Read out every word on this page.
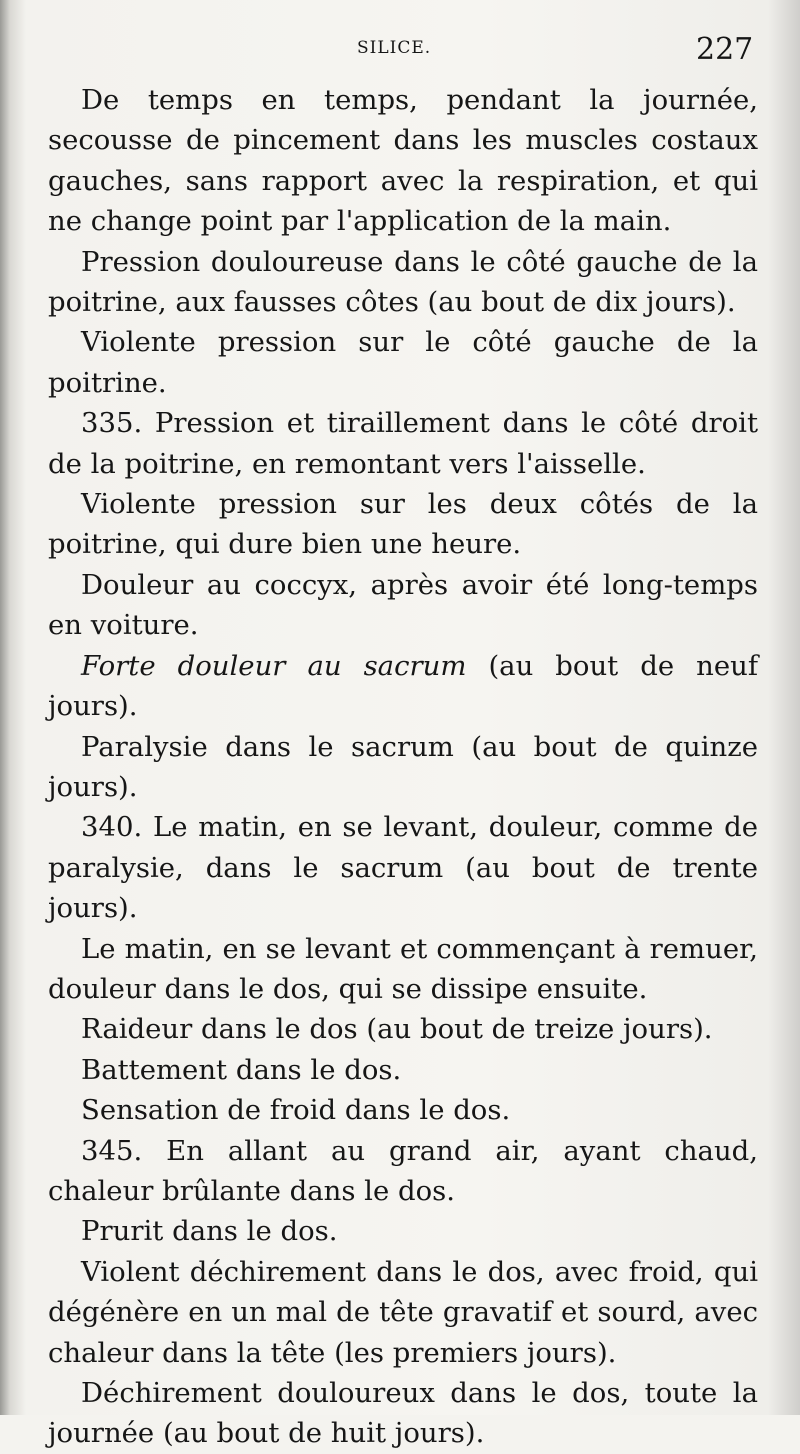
SILICE.	227

De temps en temps, pendant la journée, secousse de pincement dans les muscles costaux gauches, sans rapport avec la respiration, et qui ne change point par l'application de la main.

Pression douloureuse dans le côté gauche de la poitrine, aux fausses côtes (au bout de dix jours).

Violente pression sur le côté gauche de la poitrine.

335. Pression et tiraillement dans le côté droit de la poitrine, en remontant vers l'aisselle.

Violente pression sur les deux côtés de la poitrine, qui dure bien une heure.

Douleur au coccyx, après avoir été long-temps en voiture.

Forte douleur au sacrum (au bout de neuf jours).

Paralysie dans le sacrum (au bout de quinze jours).

340. Le matin, en se levant, douleur, comme de paralysie, dans le sacrum (au bout de trente jours).

Le matin, en se levant et commençant à remuer, douleur dans le dos, qui se dissipe ensuite.

Raideur dans le dos (au bout de treize jours).

Battement dans le dos.

Sensation de froid dans le dos.

345. En allant au grand air, ayant chaud, chaleur brûlante dans le dos.

Prurit dans le dos.

Violent déchirement dans le dos, avec froid, qui dégénère en un mal de tête gravatif et sourd, avec chaleur dans la tête (les premiers jours).

Déchirement douloureux dans le dos, toute la journée (au bout de huit jours).
